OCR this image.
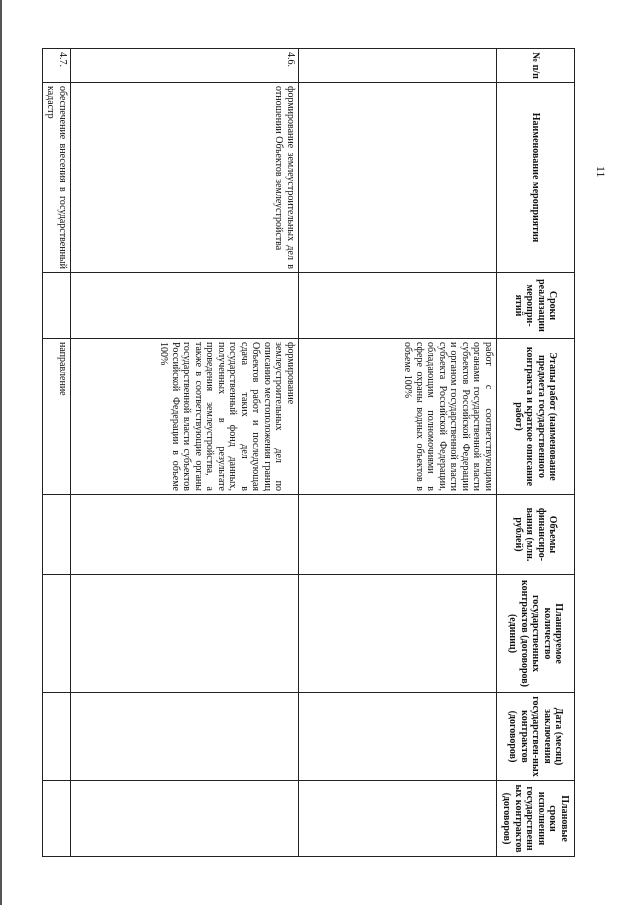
11
№ п/п	Наименование мероприятия	Сроки реализации меропри-ятий	Этапы работ (наименование предмета государственного контракта и краткое описание работ)	Объемы финансиро-вания (млн. рублей)	Планируемое количество государственных контрактов (договоров) (единиц)	Дата (месяц) заключения государствен-ных контрактов (договоров)	Плановые сроки исполнения государственных контрактов (договоров)
			работ с соответствующими органами государственной власти субъектов Российской Федерации и органом государственной власти субъекта Российской Федерации, обладающим полномочиями в сфере охраны водных объектов в объеме 100%				
4.6.	формирование землеустроительных дел в отношении Объектов землеустройства		формирование землеустроительных дел по описанию местоположения границ Объектов работ и последующая сдача таких дел в государственный фонд данных, полученных в результате проведения землеустройства, а также в соответствующие органы государственной власти субъектов Российской Федерации в объеме 100%				
4.7.	обеспечение внесения в государственный кадастр		направление				
